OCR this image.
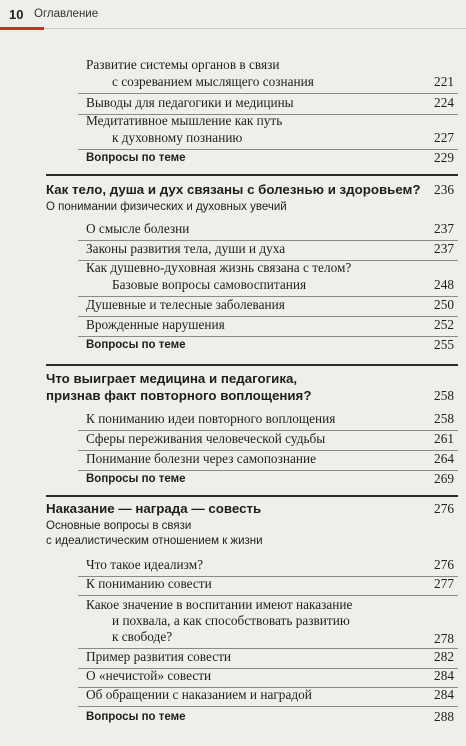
10 Оглавление
Развитие системы органов в связи
с созреванием мыслящего сознания	221
Выводы для педагогики и медицины	224
Медитативное мышление как путь
к духовному познанию	227
Вопросы по теме	229
Как тело, душа и дух связаны с болезнью и здоровьем? 236
О понимании физических и духовных увечий
О смысле болезни	237
Законы развития тела, души и духа	237
Как душевно-духовная жизнь связана с телом?
Базовые вопросы самовоспитания	248
Душевные и телесные заболевания	250
Врожденные нарушения	252
Вопросы по теме	255
Что выиграет медицина и педагогика,
признав факт повторного воплощения?	258
К пониманию идеи повторного воплощения	258
Сферы переживания человеческой судьбы	261
Понимание болезни через самопознание	264
Вопросы по теме	269
Наказание — награда — совесть	276
Основные вопросы в связи
с идеалистическим отношением к жизни
Что такое идеализм?	276
К пониманию совести	277
Какое значение в воспитании имеют наказание
и похвала, а как способствовать развитию
к свободе?	278
Пример развития совести	282
О «нечистой» совести	284
Об обращении с наказанием и наградой	284
Вопросы по теме	288
